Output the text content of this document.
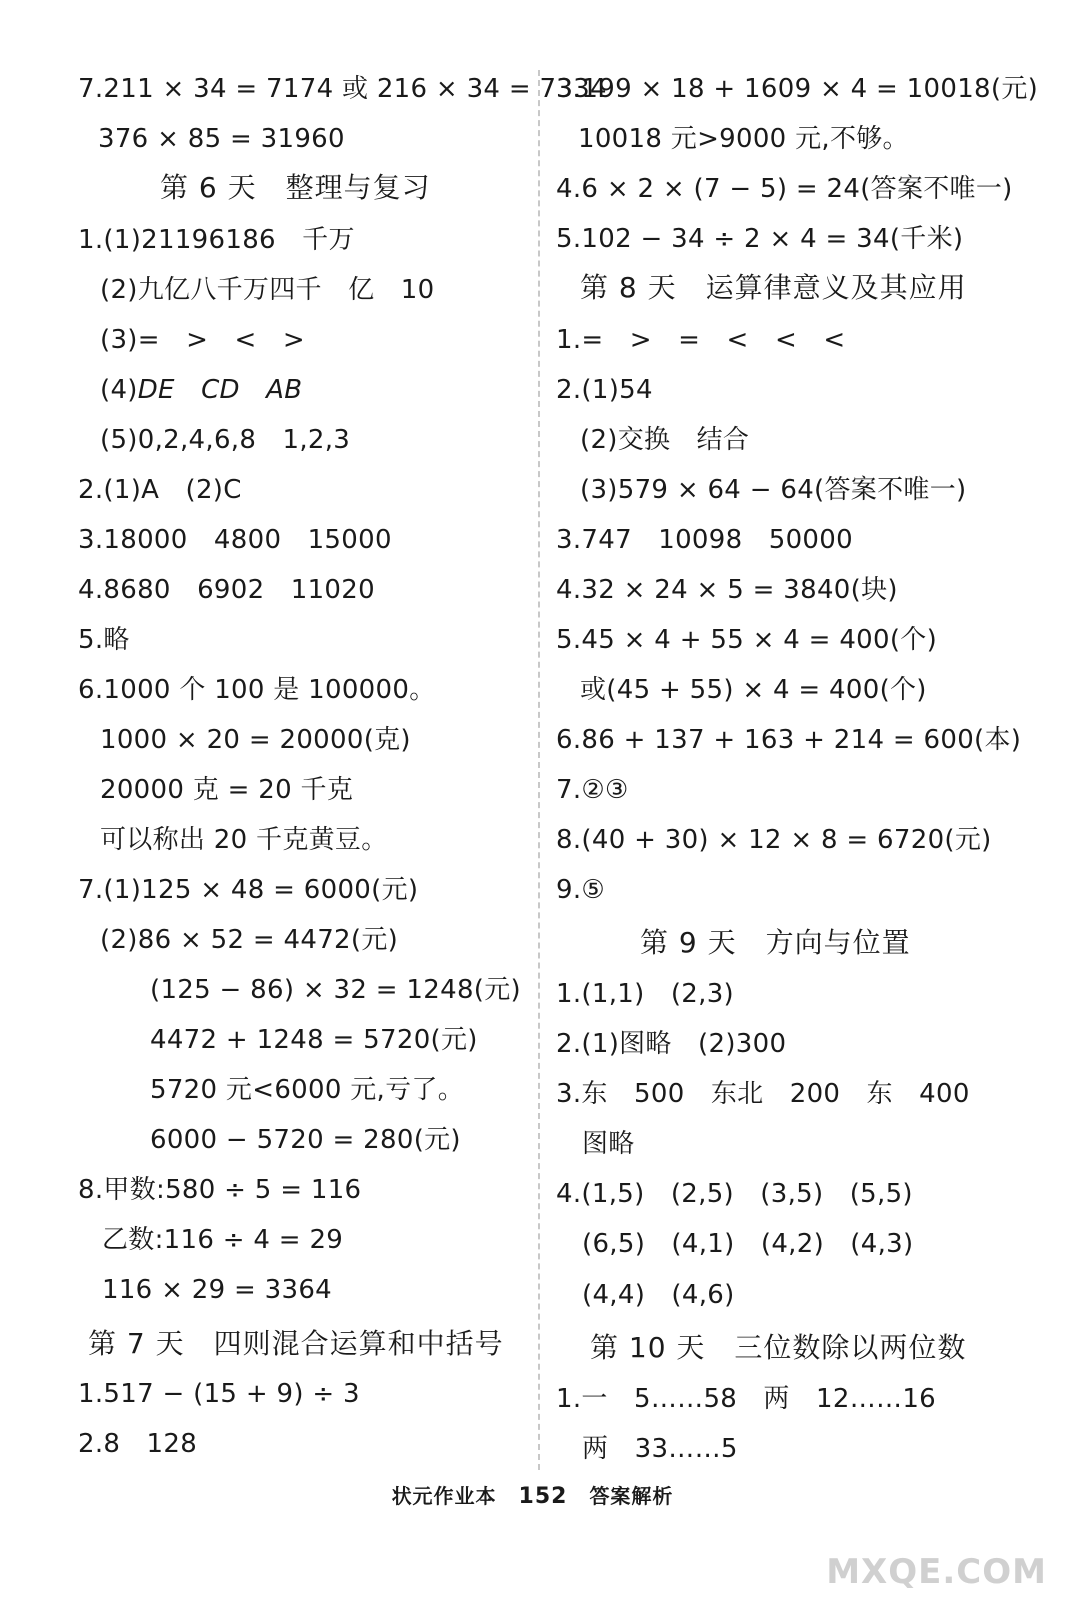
7.211 × 34 = 7174 或 216 × 34 = 7334
376 × 85 = 31960
第 6 天　整理与复习
1.(1)21196186　千万
(2)九亿八千万四千　亿　10
(3)=　>　<　>
(4)DE　CD　AB
(5)0,2,4,6,8　1,2,3
2.(1)A　(2)C
3.18000　4800　15000
4.8680　6902　11020
5.略
6.1000 个 100 是 100000。
1000 × 20 = 20000(克)
20000 克 = 20 千克
可以称出 20 千克黄豆。
7.(1)125 × 48 = 6000(元)
(2)86 × 52 = 4472(元)
(125 − 86) × 32 = 1248(元)
4472 + 1248 = 5720(元)
5720 元<6000 元,亏了。
6000 − 5720 = 280(元)
8.甲数:580 ÷ 5 = 116
乙数:116 ÷ 4 = 29
116 × 29 = 3364
第 7 天　四则混合运算和中括号
1.517 − (15 + 9) ÷ 3
2.8　128
3.199 × 18 + 1609 × 4 = 10018(元)
10018 元>9000 元,不够。
4.6 × 2 × (7 − 5) = 24(答案不唯一)
5.102 − 34 ÷ 2 × 4 = 34(千米)
第 8 天　运算律意义及其应用
1.=　>　=　<　<　<
2.(1)54
(2)交换　结合
(3)579 × 64 − 64(答案不唯一)
3.747　10098　50000
4.32 × 24 × 5 = 3840(块)
5.45 × 4 + 55 × 4 = 400(个)
或(45 + 55) × 4 = 400(个)
6.86 + 137 + 163 + 214 = 600(本)
7.②③
8.(40 + 30) × 12 × 8 = 6720(元)
9.⑤
第 9 天　方向与位置
1.(1,1)　(2,3)
2.(1)图略　(2)300
3.东　500　东北　200　东　400
图略
4.(1,5)　(2,5)　(3,5)　(5,5)
(6,5)　(4,1)　(4,2)　(4,3)
(4,4)　(4,6)
第 10 天　三位数除以两位数
1.一　5……58　两　12……16
两　33……5
状元作业本 152 答案解析
MXQE.COM
